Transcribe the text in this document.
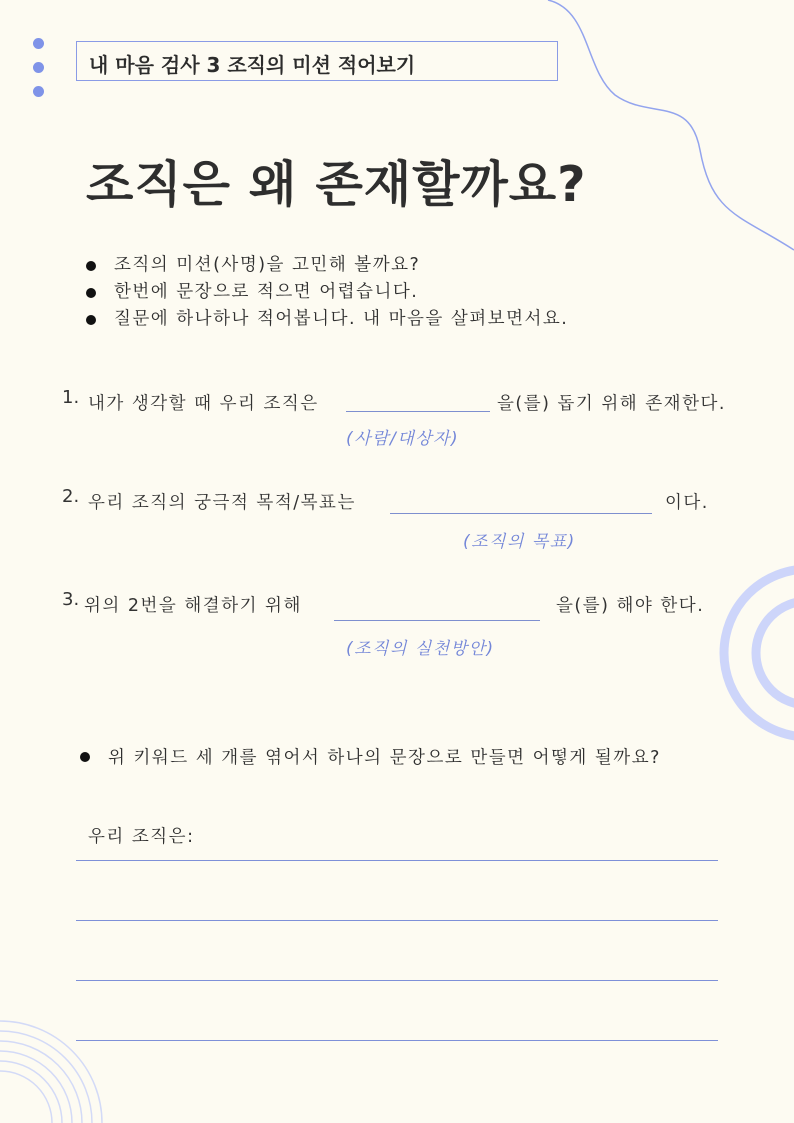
내 마음 검사 3 조직의 미션 적어보기
조직은 왜 존재할까요?
조직의 미션(사명)을 고민해 볼까요?
한번에 문장으로 적으면 어렵습니다.
질문에 하나하나 적어봅니다. 내 마음을 살펴보면서요.
1. 내가 생각할 때 우리 조직은	을(를) 돕기 위해 존재한다.
(사람/대상자)
2. 우리 조직의 궁극적 목적/목표는	이다.
(조직의 목표)
3. 위의 2번을 해결하기 위해	을(를) 해야 한다.
(조직의 실천방안)
위 키워드 세 개를 엮어서 하나의 문장으로 만들면 어떻게 될까요?
우리 조직은:
